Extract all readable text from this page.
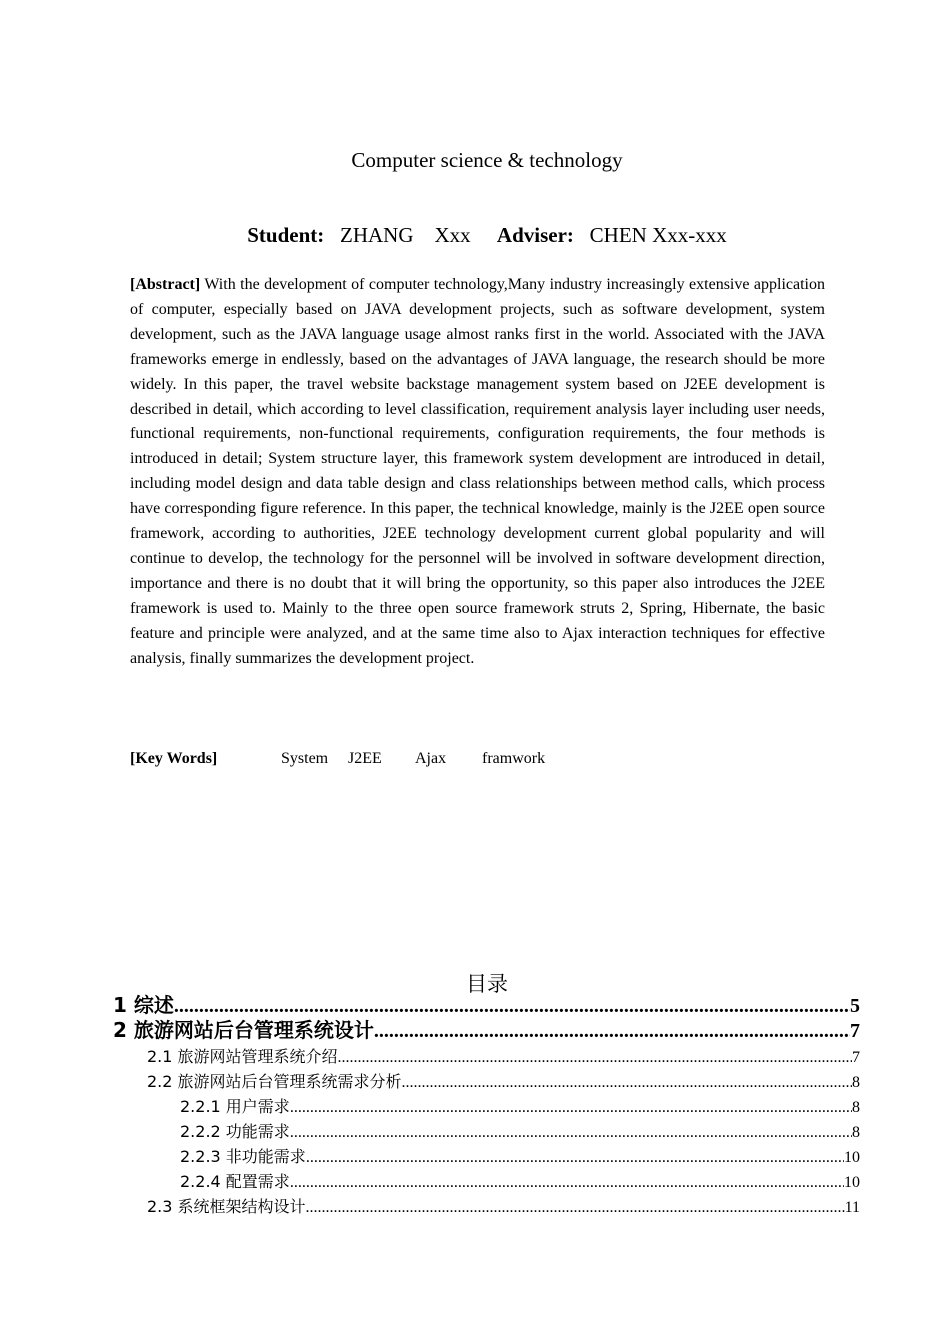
Computer science & technology
Student: ZHANG    Xxx Adviser: CHEN Xxx-xxx
[Abstract] With the development of computer technology,Many industry increasingly extensive application of computer, especially based on JAVA development projects, such as software development, system development, such as the JAVA language usage almost ranks first in the world. Associated with the JAVA frameworks emerge in endlessly, based on the advantages of JAVA language, the research should be more widely. In this paper, the travel website backstage management system based on J2EE development is described in detail, which according to level classification, requirement analysis layer including user needs, functional requirements, non-functional requirements, configuration requirements, the four methods is introduced in detail; System structure layer, this framework system development are introduced in detail, including model design and data table design and class relationships between method calls, which process have corresponding figure reference. In this paper, the technical knowledge, mainly is the J2EE open source framework, according to authorities, J2EE technology development current global popularity and will continue to develop, the technology for the personnel will be involved in software development direction, importance and there is no doubt that it will bring the opportunity, so this paper also introduces the J2EE framework is used to. Mainly to the three open source framework struts 2, Spring, Hibernate, the basic feature and principle were analyzed, and at the same time also to Ajax interaction techniques for effective analysis, finally summarizes the development project.
[Key Words]	System J2EE Ajax framwork
目录
1 综述 .....	5
2 旅游网站后台管理系统设计 .....	7
2.1 旅游网站管理系统介绍 .....	7
2.2 旅游网站后台管理系统需求分析 .....	8
2.2.1 用户需求 .....	8
2.2.2 功能需求 .....	8
2.2.3 非功能需求 .....	10
2.2.4 配置需求 .....	10
2.3 系统框架结构设计 .....	11
